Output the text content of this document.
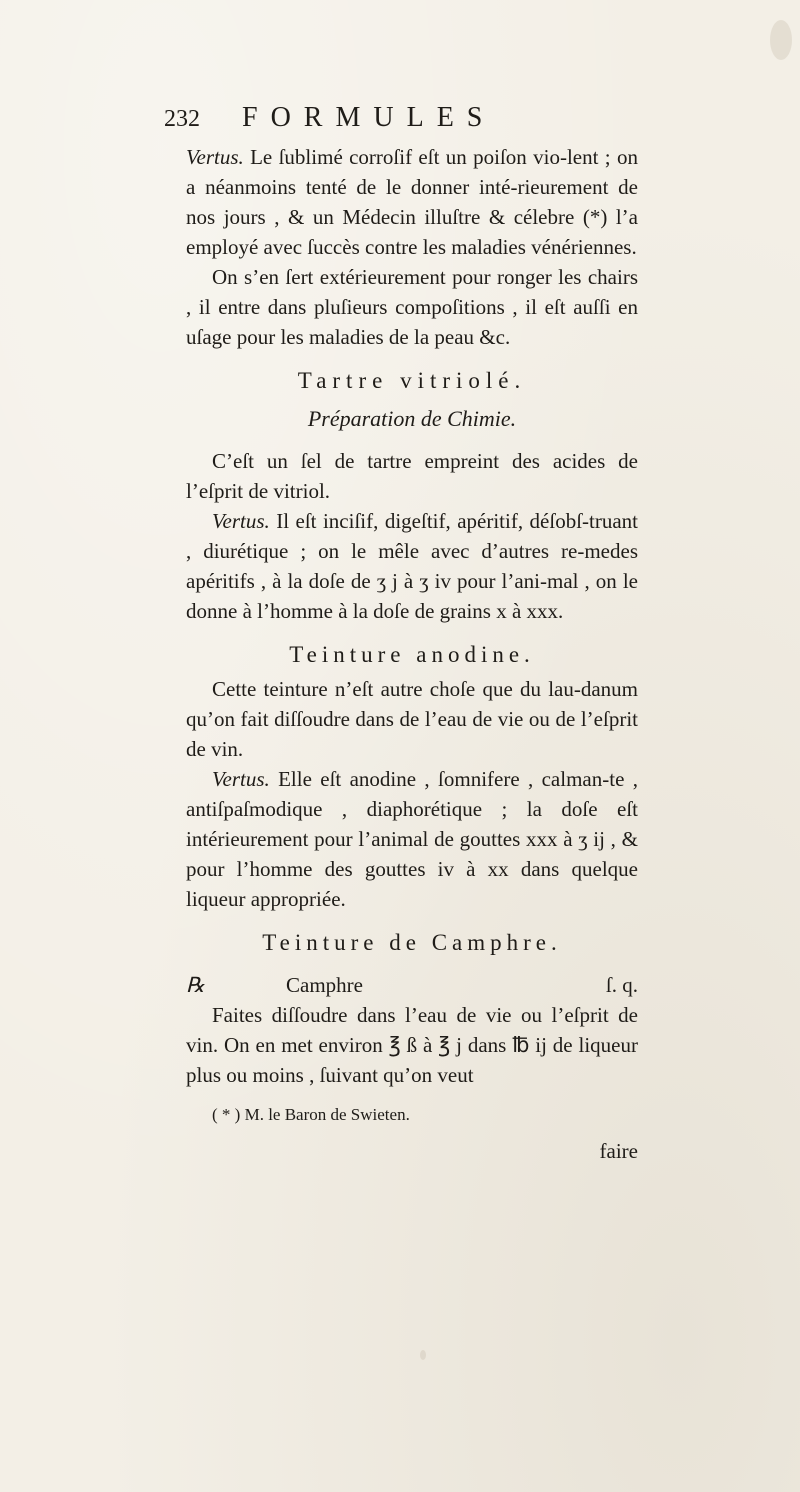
232 FORMULES

Vertus. Le ſublimé corroſif eſt un poiſon vio-lent ; on a néanmoins tenté de le donner inté-rieurement de nos jours , & un Médecin illuſtre & célebre (*) l’a employé avec ſuccès contre les maladies vénériennes.

On s’en ſert extérieurement pour ronger les chairs , il entre dans pluſieurs compoſitions , il eſt auſſi en uſage pour les maladies de la peau &c.

Tartre vitriolé.
Préparation de Chimie.

C’eſt un ſel de tartre empreint des acides de l’eſprit de vitriol.

Vertus. Il eſt inciſif, digeſtif, apéritif, déſobſ-truant , diurétique ; on le mêle avec d’autres re-medes apéritifs , à la doſe de ʒ j à ʒ iv pour l’ani-mal , on le donne à l’homme à la doſe de grains x à xxx.

Teinture anodine.

Cette teinture n’eſt autre choſe que du lau-danum qu’on fait diſſoudre dans de l’eau de vie ou de l’eſprit de vin.

Vertus. Elle eſt anodine , ſomnifere , calman-te , antiſpaſmodique , diaphorétique ; la doſe eſt intérieurement pour l’animal de gouttes xxx à ʒ ij , & pour l’homme des gouttes iv à xx dans quelque liqueur appropriée.

Teinture de Camphre.
℞	Camphre	ſ. q.

Faites diſſoudre dans l’eau de vie ou l’eſprit de vin. On en met environ ℥ ß à ℥ j dans ℔ ij de liqueur plus ou moins , ſuivant qu’on veut

( * ) M. le Baron de Swieten.
faire
